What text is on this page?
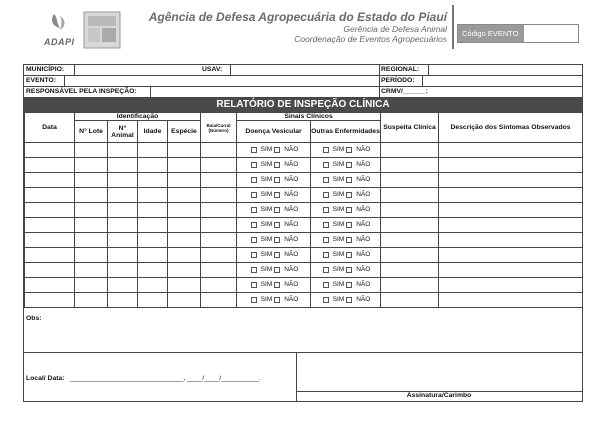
ADAPI
Agência de Defesa Agropecuária do Estado do Piauí
Gerência de Defesa Animal
Coordenação de Eventos Agropecuários
Código EVENTO
MUNICÍPIO:	USAV:	REGIONAL:
EVENTO:	PERÍODO:
RESPONSÁVEL PELA INSPEÇÃO:	CRMV/______:
RELATÓRIO DE INSPEÇÃO CLÍNICA
Data	Identificação				Baia/Curral (Número)	Sinais Clínicos		Suspeita Clínica	Descrição dos Sintomas Observados
	N° Lote	N° Animal	Idade	Espécie		Doença Vesicular	Outras Enfermidades		
						SIM NÃO	SIM NÃO		
						SIM NÃO	SIM NÃO		
						SIM NÃO	SIM NÃO		
						SIM NÃO	SIM NÃO		
						SIM NÃO	SIM NÃO		
						SIM NÃO	SIM NÃO		
						SIM NÃO	SIM NÃO		
						SIM NÃO	SIM NÃO		
						SIM NÃO	SIM NÃO		
						SIM NÃO	SIM NÃO		
						SIM NÃO	SIM NÃO		
Obs:
Local/ Data: ______________________________, ____/____/__________.
Assinatura/Carimbo
